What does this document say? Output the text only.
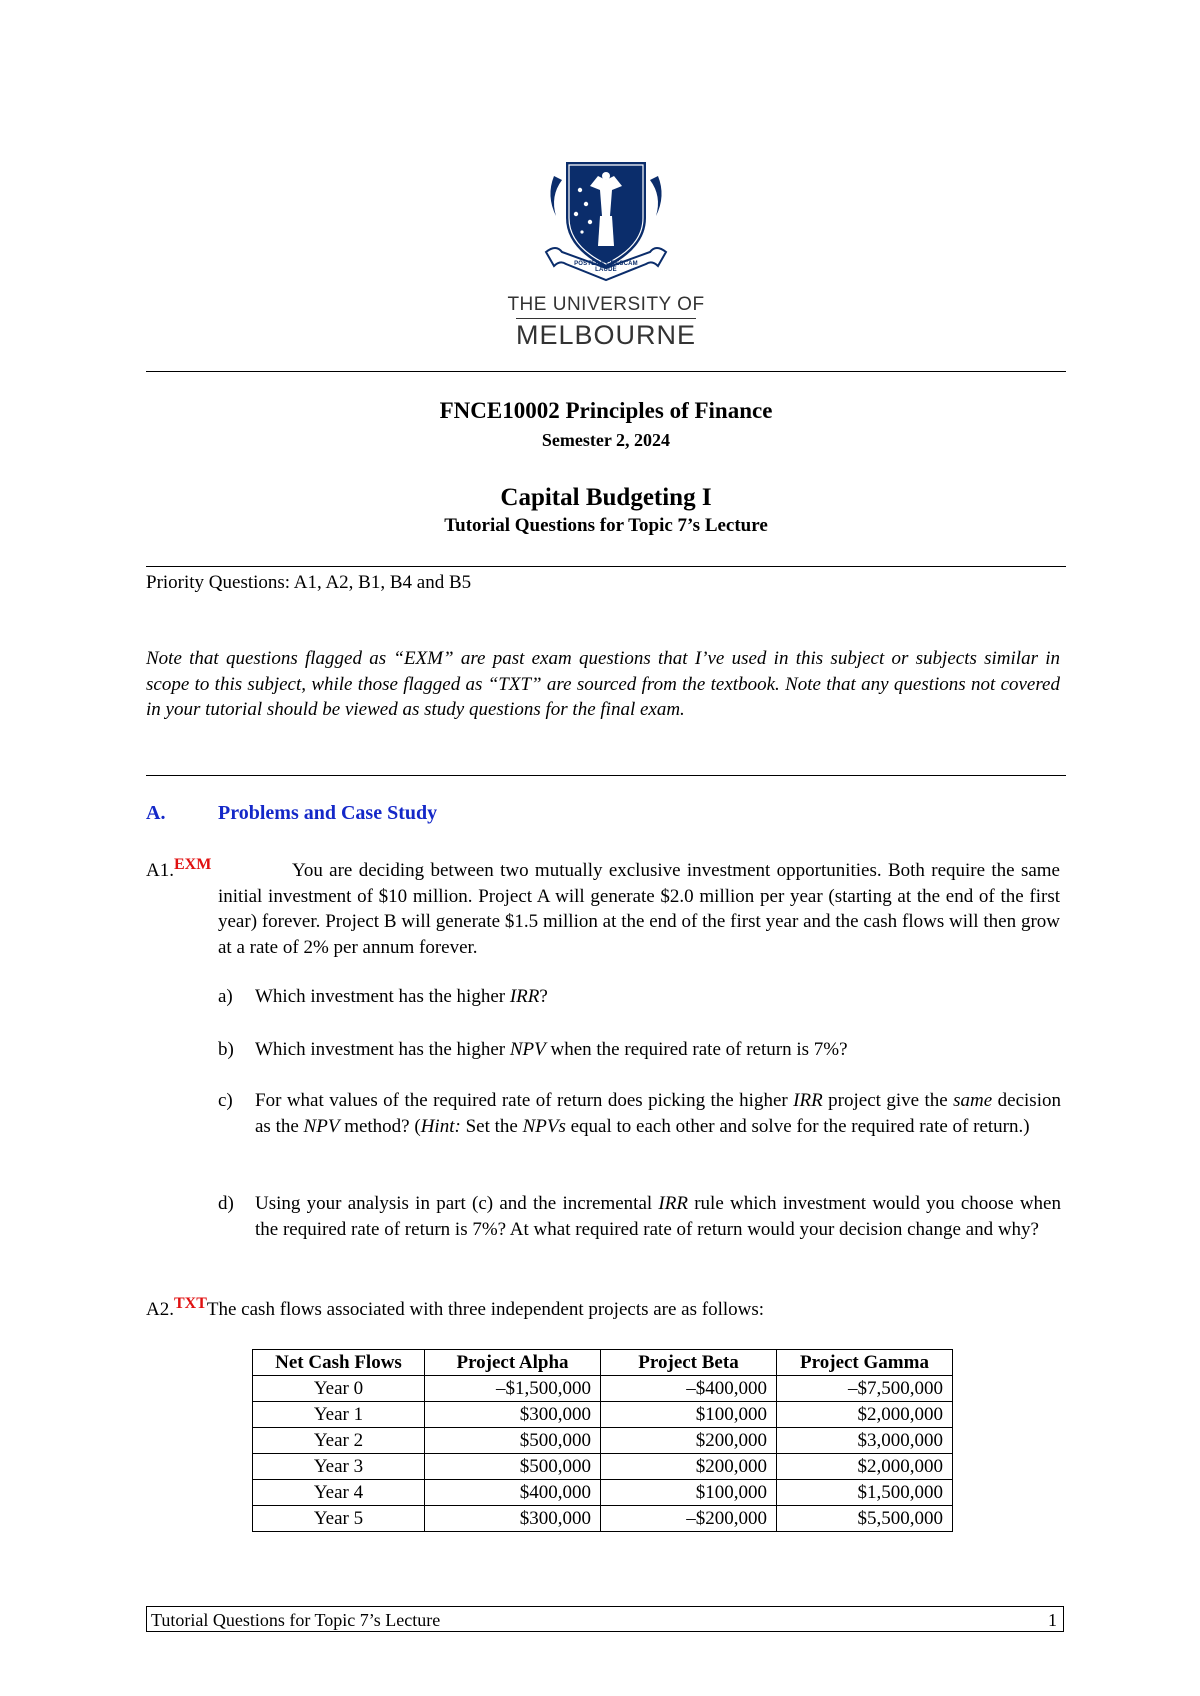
POSTERA CRESCAM LAUDE
THE UNIVERSITY OF
MELBOURNE
FNCE10002 Principles of Finance
Semester 2, 2024
Capital Budgeting I
Tutorial Questions for Topic 7’s Lecture
Priority Questions: A1, A2, B1, B4 and B5
Note that questions flagged as “EXM” are past exam questions that I’ve used in this subject or subjects similar in scope to this subject, while those flagged as “TXT” are sourced from the textbook. Note that any questions not covered in your tutorial should be viewed as study questions for the final exam.
A.	Problems and Case Study
A1.$^{EXM}$	You are deciding between two mutually exclusive investment opportunities. Both require the same initial investment of $10 million. Project A will generate $2.0 million per year (starting at the end of the first year) forever. Project B will generate $1.5 million at the end of the first year and the cash flows will then grow at a rate of 2% per annum forever.
a) Which investment has the higher IRR?
b) Which investment has the higher NPV when the required rate of return is 7%?
c) For what values of the required rate of return does picking the higher IRR project give the same decision as the NPV method? (Hint: Set the NPVs equal to each other and solve for the required rate of return.)
d) Using your analysis in part (c) and the incremental IRR rule which investment would you choose when the required rate of return is 7%? At what required rate of return would your decision change and why?
A2.$^{TXT}$The cash flows associated with three independent projects are as follows:
Net Cash Flows	Project Alpha	Project Beta	Project Gamma
Year 0	–$1,500,000	–$400,000	–$7,500,000
Year 1	$300,000	$100,000	$2,000,000
Year 2	$500,000	$200,000	$3,000,000
Year 3	$500,000	$200,000	$2,000,000
Year 4	$400,000	$100,000	$1,500,000
Year 5	$300,000	–$200,000	$5,500,000
Tutorial Questions for Topic 7’s Lecture	1
